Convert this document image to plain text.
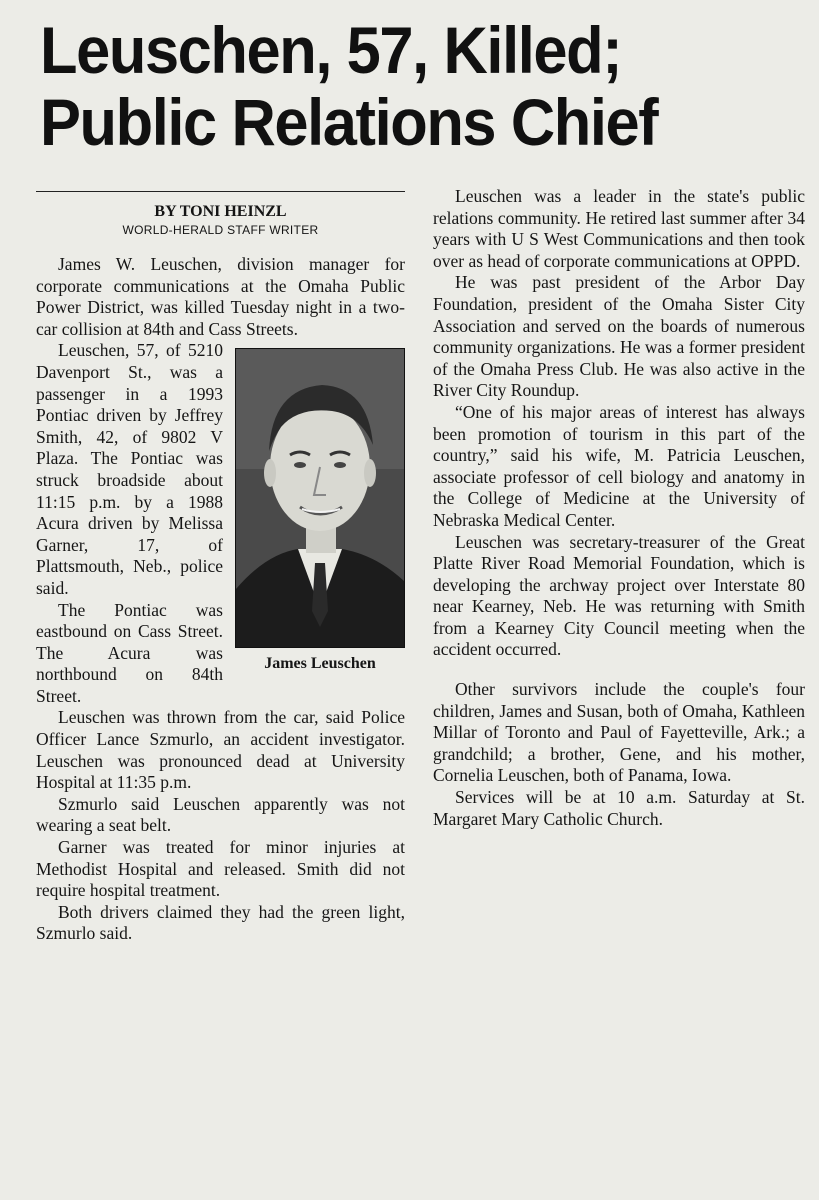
Leuschen, 57, Killed;
Public Relations Chief
BY TONI HEINZL
WORLD-HERALD STAFF WRITER

James W. Leuschen, division manager for corporate communications at the Omaha Public Power District, was killed Tuesday night in a two-car collision at 84th and Cass Streets.

James Leuschen

Leuschen, 57, of 5210 Davenport St., was a passenger in a 1993 Pontiac driven by Jeffrey Smith, 42, of 9802 V Plaza. The Pontiac was struck broadside about 11:15 p.m. by a 1988 Acura driven by Melissa Garner, 17, of Plattsmouth, Neb., police said.

The Pontiac was eastbound on Cass Street. The Acura was northbound on 84th Street.

Leuschen was thrown from the car, said Police Officer Lance Szmurlo, an accident investigator. Leuschen was pronounced dead at University Hospital at 11:35 p.m.

Szmurlo said Leuschen apparently was not wearing a seat belt.

Garner was treated for minor injuries at Methodist Hospital and released. Smith did not require hospital treatment.

Both drivers claimed they had the green light, Szmurlo said.

Leuschen was a leader in the state's public relations community. He retired last summer after 34 years with U S West Communications and then took over as head of corporate communications at OPPD.

He was past president of the Arbor Day Foundation, president of the Omaha Sister City Association and served on the boards of numerous community organizations. He was a former president of the Omaha Press Club. He was also active in the River City Roundup.

“One of his major areas of interest has always been promotion of tourism in this part of the country,” said his wife, M. Patricia Leuschen, associate professor of cell biology and anatomy in the College of Medicine at the University of Nebraska Medical Center.

Leuschen was secretary-treasurer of the Great Platte River Road Memorial Foundation, which is developing the archway project over Interstate 80 near Kearney, Neb. He was returning with Smith from a Kearney City Council meeting when the accident occurred.

Other survivors include the couple's four children, James and Susan, both of Omaha, Kathleen Millar of Toronto and Paul of Fayetteville, Ark.; a grandchild; a brother, Gene, and his mother, Cornelia Leuschen, both of Panama, Iowa.

Services will be at 10 a.m. Saturday at St. Margaret Mary Catholic Church.
